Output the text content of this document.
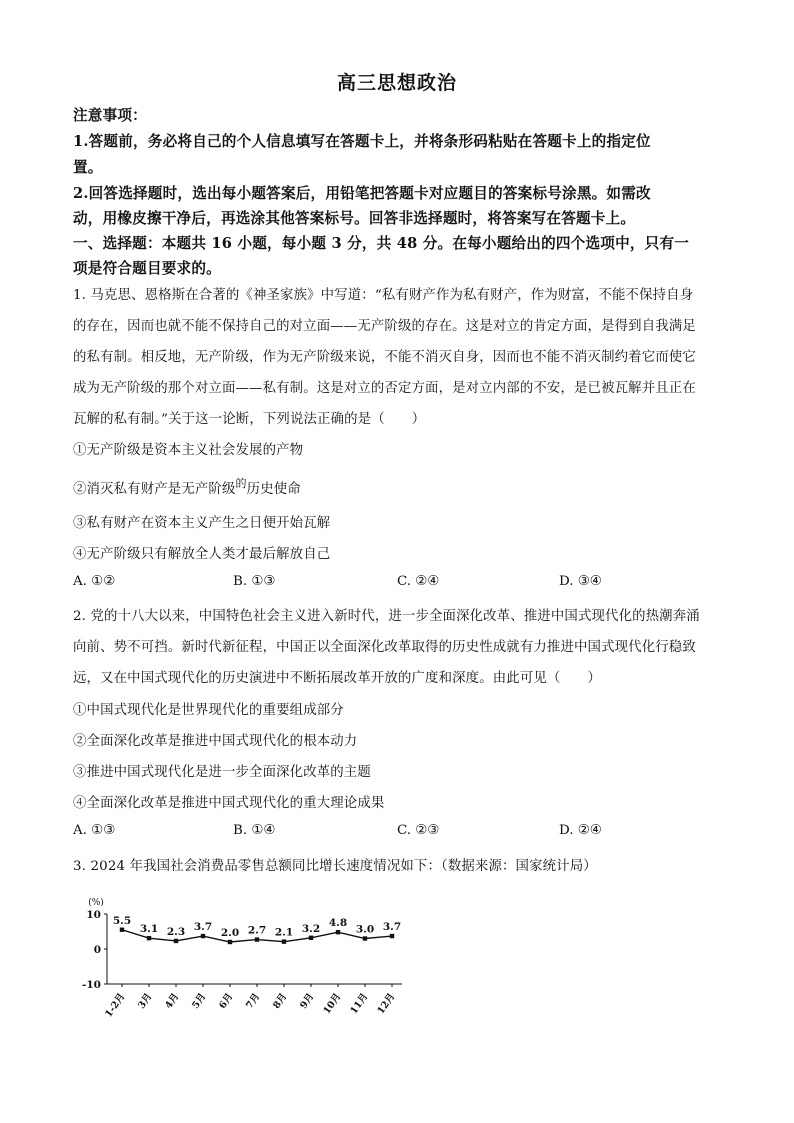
高三思想政治
注意事项：
1.答题前，务必将自己的个人信息填写在答题卡上，并将条形码粘贴在答题卡上的指定位
置。
2.回答选择题时，选出每小题答案后，用铅笔把答题卡对应题目的答案标号涂黑。如需改
动，用橡皮擦干净后，再选涂其他答案标号。回答非选择题时，将答案写在答题卡上。
一、选择题：本题共 16 小题，每小题 3 分，共 48 分。在每小题给出的四个选项中，只有一
项是符合题目要求的。
1. 马克思、恩格斯在合著的《神圣家族》中写道：“私有财产作为私有财产，作为财富，不能不保持自身
的存在，因而也就不能不保持自己的对立面——无产阶级的存在。这是对立的肯定方面，是得到自我满足
的私有制。相反地，无产阶级，作为无产阶级来说，不能不消灭自身，因而也不能不消灭制约着它而使它
成为无产阶级的那个对立面——私有制。这是对立的否定方面，是对立内部的不安，是已被瓦解并且正在
瓦解的私有制。”关于这一论断，下列说法正确的是（　　）
①无产阶级是资本主义社会发展的产物
②消灭私有财产是无产阶级$^的$历史使命
③私有财产在资本主义产生之日便开始瓦解
④无产阶级只有解放全人类才最后解放自己
A. ①②	B. ①③	C. ②④	D. ③④
2. 党的十八大以来，中国特色社会主义进入新时代，进一步全面深化改革、推进中国式现代化的热潮奔涌
向前、势不可挡。新时代新征程，中国正以全面深化改革取得的历史性成就有力推进中国式现代化行稳致
远，又在中国式现代化的历史演进中不断拓展改革开放的广度和深度。由此可见（　　）
①中国式现代化是世界现代化的重要组成部分
②全面深化改革是推进中国式现代化的根本动力
③推进中国式现代化是进一步全面深化改革的主题
④全面深化改革是推进中国式现代化的重大理论成果
A. ①③	B. ①④	C. ②③	D. ②④
3. 2024 年我国社会消费品零售总额同比增长速度情况如下：（数据来源：国家统计局）
(%)
10
0
-10
1-2月 3月 4月 5月 6月 7月 8月 9月 10月 11月 12月
5.5
3.1 2.3 3.7 2.0 2.7 2.1 3.2 4.8
3.0 3.7
